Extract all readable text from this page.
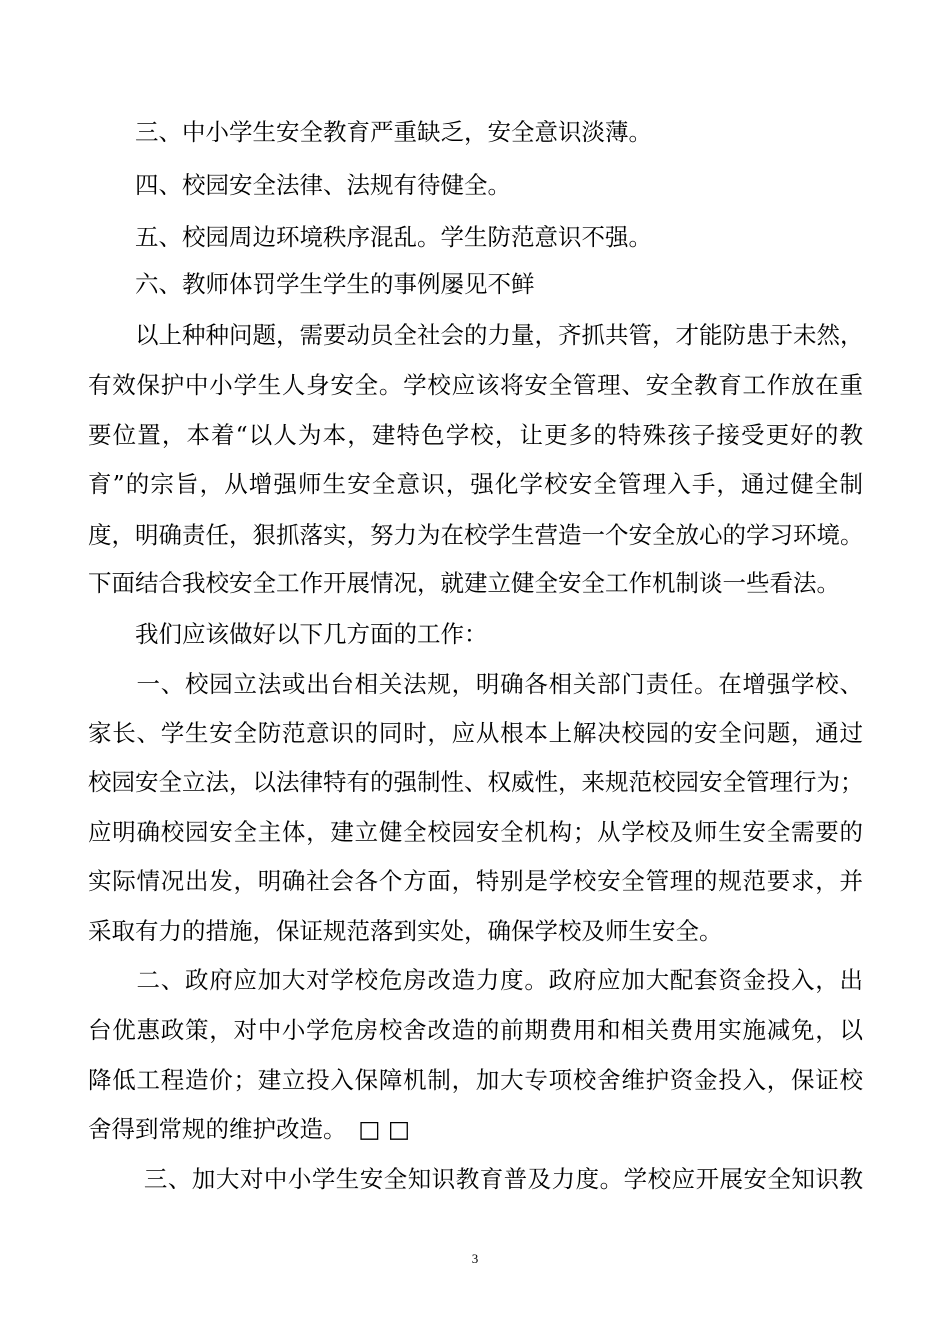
　　三、中小学生安全教育严重缺乏，安全意识淡薄。
　　四、校园安全法律、法规有待健全。
　　五、校园周边环境秩序混乱。学生防范意识不强。
　　六、教师体罚学生学生的事例屡见不鲜
　　以上种种问题，需要动员全社会的力量，齐抓共管，才能防患于未然，
有效保护中小学生人身安全。学校应该将安全管理、安全教育工作放在重
要位置，本着“以人为本，建特色学校，让更多的特殊孩子接受更好的教
育”的宗旨，从增强师生安全意识，强化学校安全管理入手，通过健全制
度，明确责任，狠抓落实，努力为在校学生营造一个安全放心的学习环境。
下面结合我校安全工作开展情况，就建立健全安全工作机制谈一些看法。
　　我们应该做好以下几方面的工作：
　　一、校园立法或出台相关法规，明确各相关部门责任。在增强学校、
家长、学生安全防范意识的同时，应从根本上解决校园的安全问题，通过
校园安全立法，以法律特有的强制性、权威性，来规范校园安全管理行为；
应明确校园安全主体，建立健全校园安全机构；从学校及师生安全需要的
实际情况出发，明确社会各个方面，特别是学校安全管理的规范要求，并
采取有力的措施，保证规范落到实处，确保学校及师生安全。
　　二、政府应加大对学校危房改造力度。政府应加大配套资金投入，出
台优惠政策，对中小学危房校舍改造的前期费用和相关费用实施减免，以
降低工程造价；建立投入保障机制，加大专项校舍维护资金投入，保证校
舍得到常规的维护改造。　□ □
　　 三、加大对中小学生安全知识教育普及力度。学校应开展安全知识教
3
